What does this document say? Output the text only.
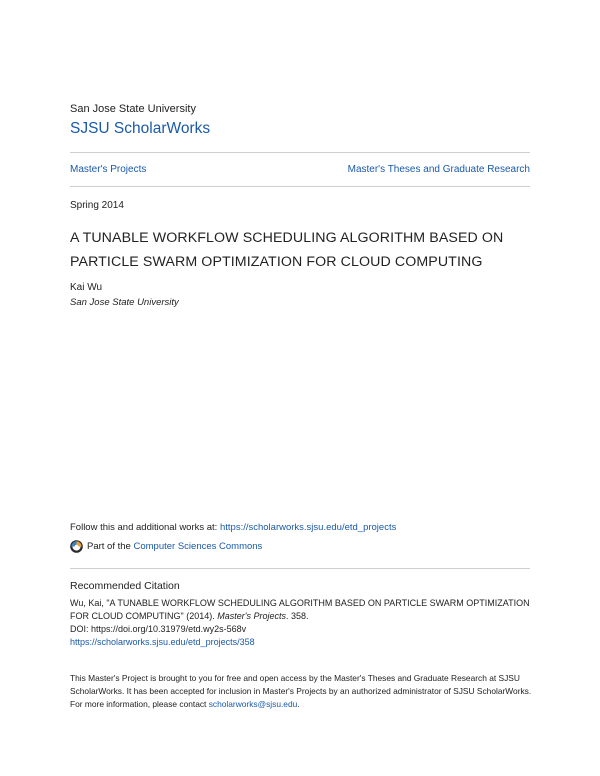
San Jose State University
SJSU ScholarWorks
Master's Projects	Master's Theses and Graduate Research
Spring 2014
A TUNABLE WORKFLOW SCHEDULING ALGORITHM BASED ON PARTICLE SWARM OPTIMIZATION FOR CLOUD COMPUTING
Kai Wu
San Jose State University
Follow this and additional works at: https://scholarworks.sjsu.edu/etd_projects
Part of the
Computer Sciences Commons
Recommended Citation
Wu, Kai, "A TUNABLE WORKFLOW SCHEDULING ALGORITHM BASED ON PARTICLE SWARM OPTIMIZATION FOR CLOUD COMPUTING" (2014). Master's Projects. 358.
DOI: https://doi.org/10.31979/etd.wy2s-568v
https://scholarworks.sjsu.edu/etd_projects/358
This Master's Project is brought to you for free and open access by the Master's Theses and Graduate Research at SJSU ScholarWorks. It has been accepted for inclusion in Master's Projects by an authorized administrator of SJSU ScholarWorks. For more information, please contact scholarworks@sjsu.edu.
